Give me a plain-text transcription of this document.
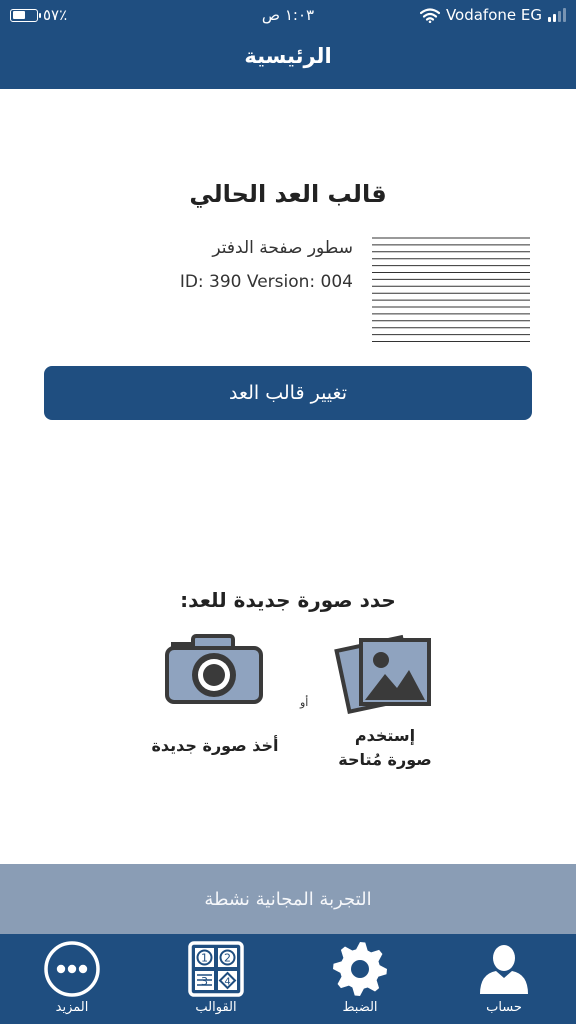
٥٧٪	١:٠٣ ص	Vodafone EG
الرئيسية
قالب العد الحالي
سطور صفحة الدفتر
ID: 390 Version: 004
تغيير قالب العد
حدد صورة جديدة للعد:
إستخدم
صورة مُتاحة
أو
أخذ صورة جديدة
التجربة المجانية نشطة
حساب
الضبط
1 2
3 4
القوالب
المزيد
